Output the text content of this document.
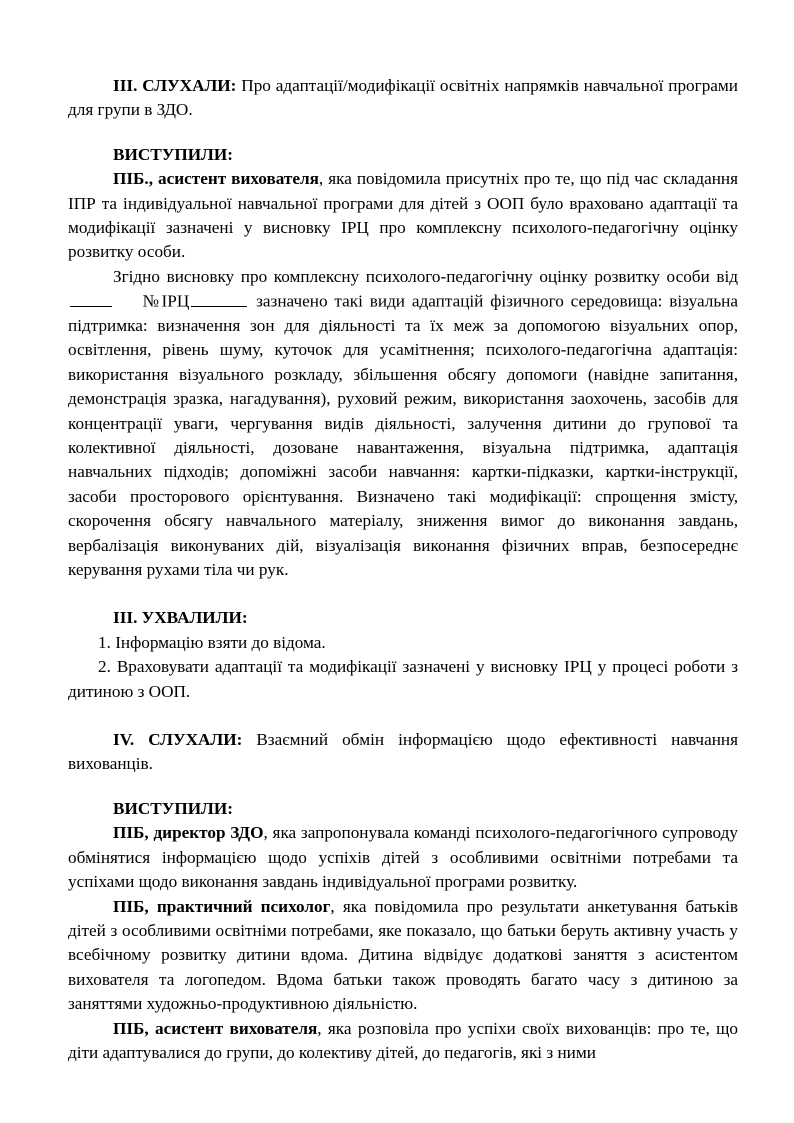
III. СЛУХАЛИ: Про адаптації/модифікації освітніх напрямків навчальної програми для групи в ЗДО.

ВИСТУПИЛИ:

ПІБ., асистент вихователя, яка повідомила присутніх про те, що під час складання ІПР та індивідуальної навчальної програми для дітей з ООП було враховано адаптації та модифікації зазначені у висновку ІРЦ про комплексну психолого-педагогічну оцінку розвитку особи.

Згідно висновку про комплексну психолого-педагогічну оцінку розвитку особи від №ІРЦ	зазначено такі види адаптацій фізичного середовища: візуальна підтримка: визначення зон для діяльності та їх меж за допомогою візуальних опор, освітлення, рівень шуму, куточок для усамітнення; психолого-педагогічна адаптація: використання візуального розкладу, збільшення обсягу допомоги (навідне запитання, демонстрація зразка, нагадування), руховий режим, використання заохочень, засобів для концентрації уваги, чергування видів діяльності, залучення дитини до групової та колективної діяльності, дозоване навантаження, візуальна підтримка, адаптація навчальних підходів; допоміжні засоби навчання: картки-підказки, картки-інструкції, засоби просторового орієнтування. Визначено такі модифікації: спрощення змісту, скорочення обсягу навчального матеріалу, зниження вимог до виконання завдань, вербалізація виконуваних дій, візуалізація виконання фізичних вправ, безпосереднє керування рухами тіла чи рук.

III. УХВАЛИЛИ:

1. Інформацію взяти до відома.

2. Враховувати адаптації та модифікації зазначені у висновку ІРЦ у процесі роботи з дитиною з ООП.

IV. СЛУХАЛИ: Взаємний обмін інформацією щодо ефективності навчання вихованців.

ВИСТУПИЛИ:

ПІБ, директор ЗДО, яка запропонувала команді психолого-педагогічного супроводу обмінятися інформацією щодо успіхів дітей з особливими освітніми потребами та успіхами щодо виконання завдань індивідуальної програми розвитку.

ПІБ, практичний психолог, яка повідомила про результати анкетування батьків дітей з особливими освітніми потребами, яке показало, що батьки беруть активну участь у всебічному розвитку дитини вдома. Дитина відвідує додаткові заняття з асистентом вихователя та логопедом. Вдома батьки також проводять багато часу з дитиною за заняттями художньо-продуктивною діяльністю.

ПІБ, асистент вихователя, яка розповіла про успіхи своїх вихованців: про те, що діти адаптувалися до групи, до колективу дітей, до педагогів, які з ними
